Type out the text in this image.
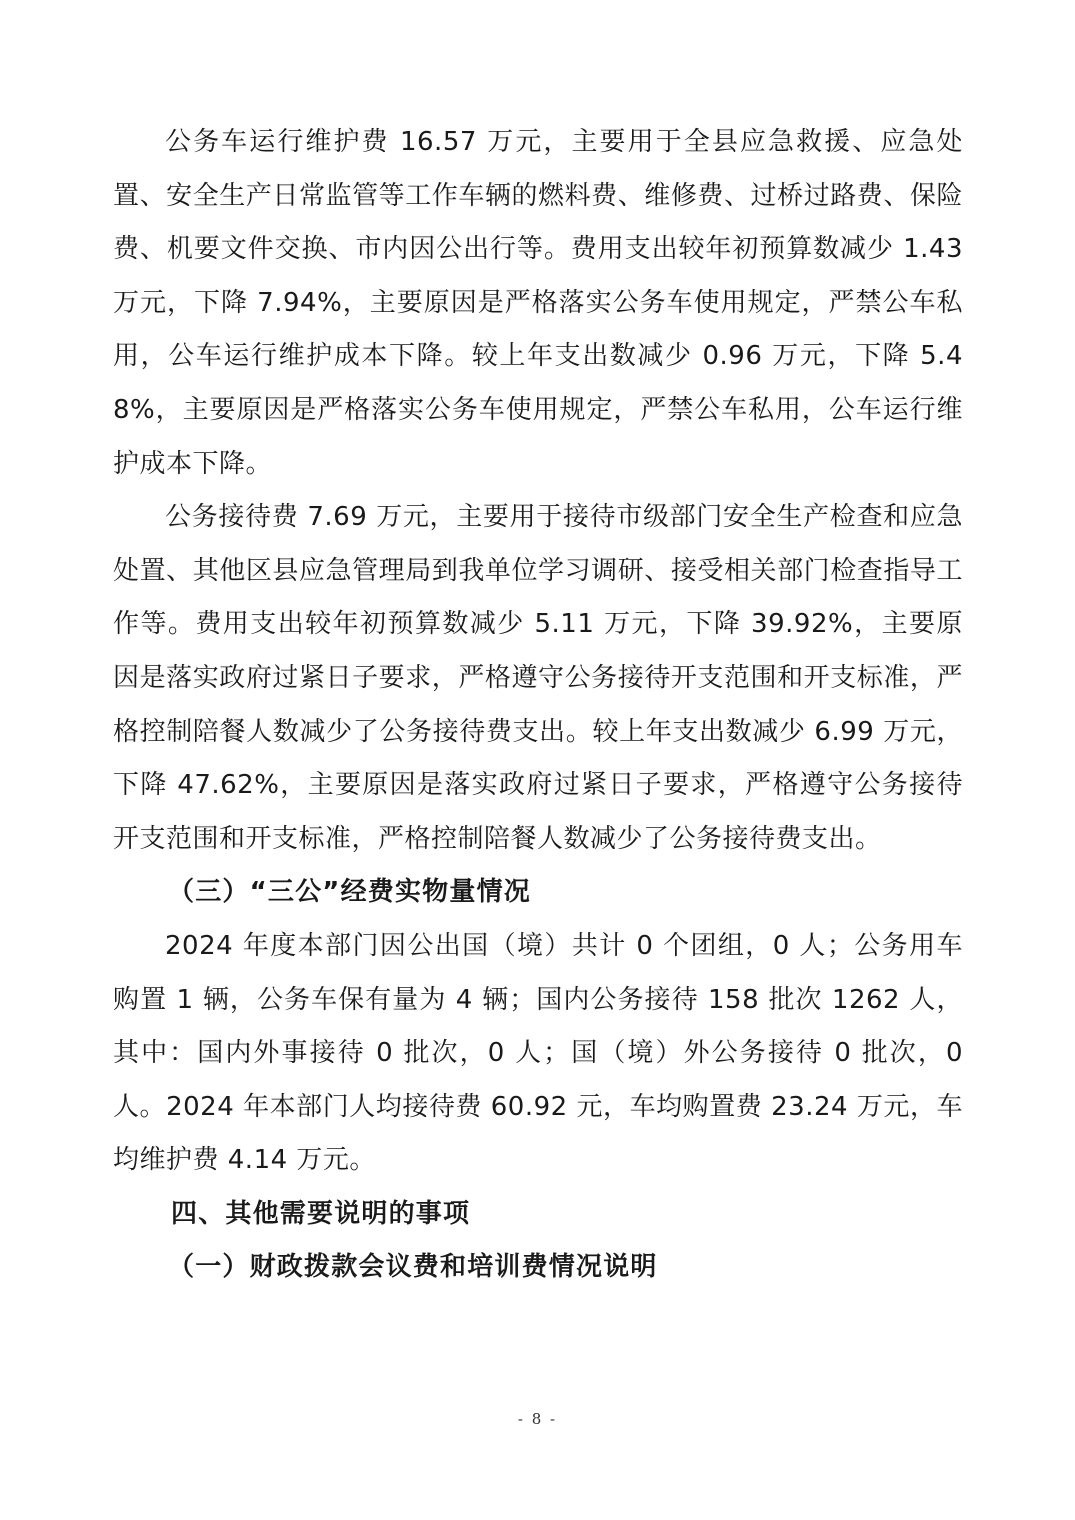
公务车运行维护费 16.57 万元，主要用于全县应急救援、应急处置、安全生产日常监管等工作车辆的燃料费、维修费、过桥过路费、保险费、机要文件交换、市内因公出行等。费用支出较年初预算数减少 1.43 万元，下降 7.94%，主要原因是严格落实公务车使用规定，严禁公车私用，公车运行维护成本下降。较上年支出数减少 0.96 万元，下降 5.48%，主要原因是严格落实公务车使用规定，严禁公车私用，公车运行维护成本下降。

公务接待费 7.69 万元，主要用于接待市级部门安全生产检查和应急处置、其他区县应急管理局到我单位学习调研、接受相关部门检查指导工作等。费用支出较年初预算数减少 5.11 万元，下降 39.92%，主要原因是落实政府过紧日子要求，严格遵守公务接待开支范围和开支标准，严格控制陪餐人数减少了公务接待费支出。较上年支出数减少 6.99 万元，下降 47.62%，主要原因是落实政府过紧日子要求，严格遵守公务接待开支范围和开支标准，严格控制陪餐人数减少了公务接待费支出。

（三）“三公”经费实物量情况

2024 年度本部门因公出国（境）共计 0 个团组，0 人；公务用车购置 1 辆，公务车保有量为 4 辆；国内公务接待 158 批次 1262 人，其中：国内外事接待 0 批次，0 人；国（境）外公务接待 0 批次，0 人。2024 年本部门人均接待费 60.92 元，车均购置费 23.24 万元，车均维护费 4.14 万元。

四、其他需要说明的事项

（一）财政拨款会议费和培训费情况说明

- 8 -
